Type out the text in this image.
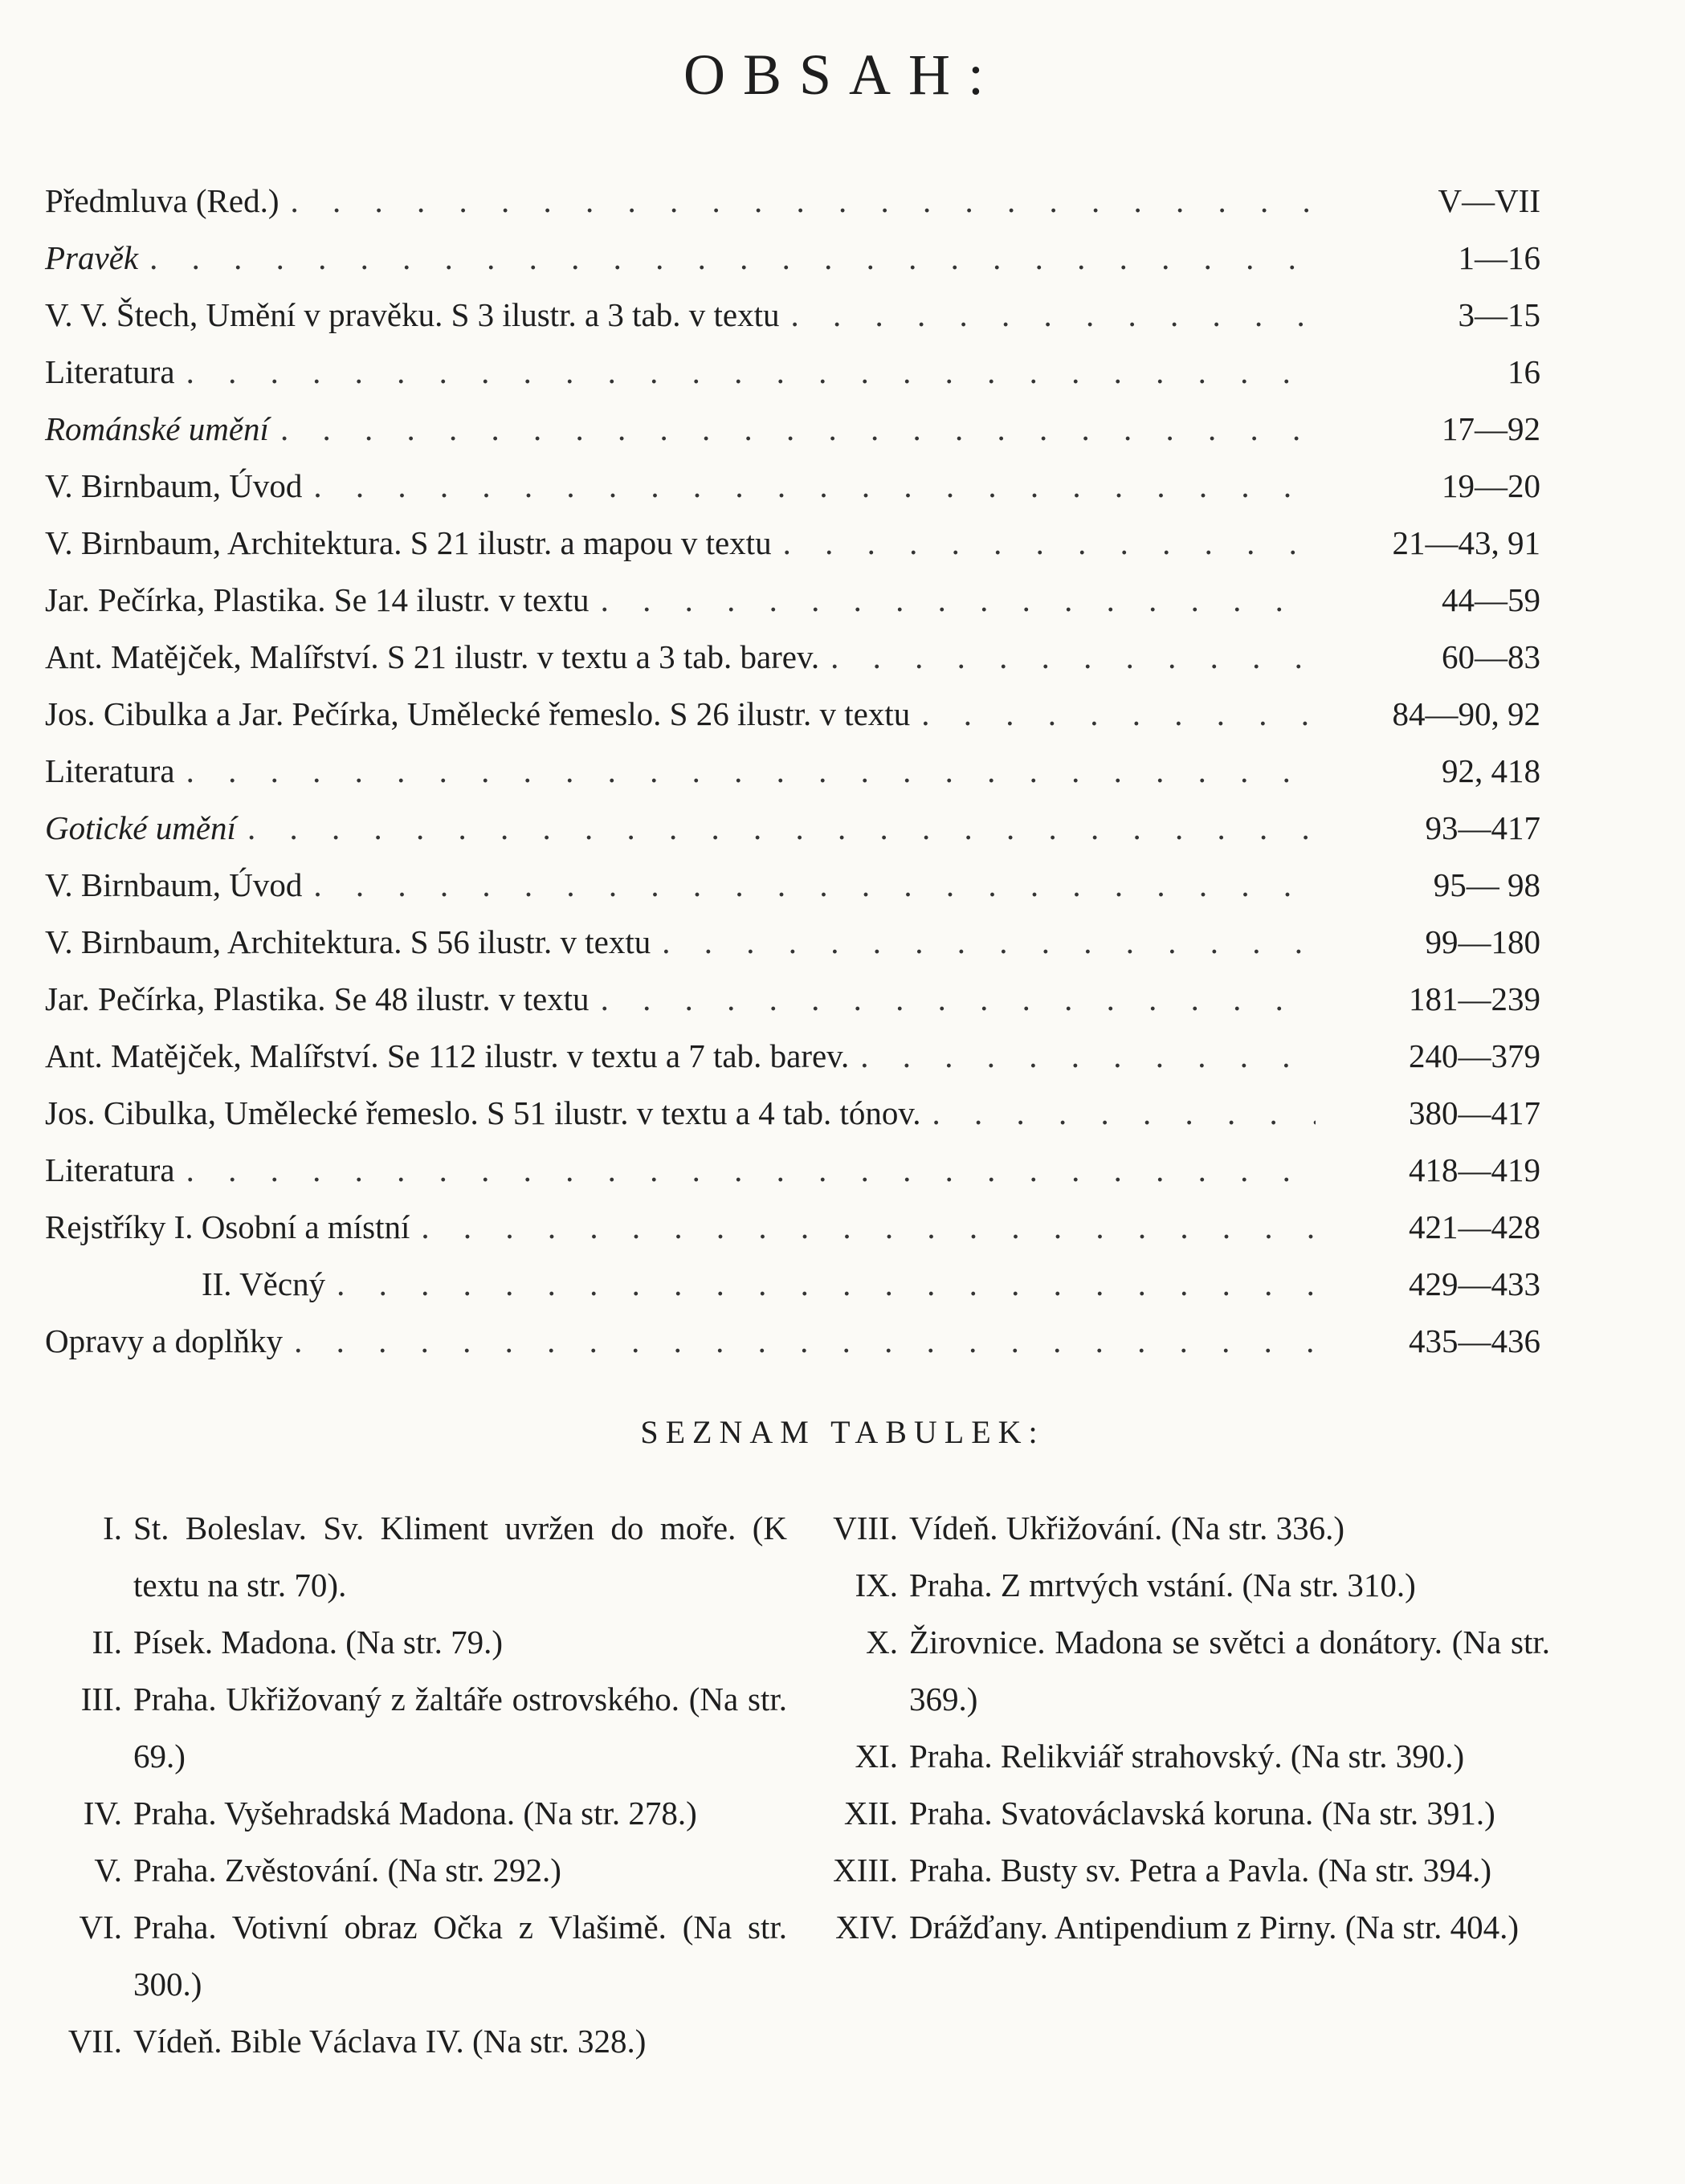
OBSAH:
Předmluva (Red.) . . .	V—VII
Pravěk . . .	1—16
V. V. Štech, Umění v pravěku. S 3 ilustr. a 3 tab. v textu . . .	3—15
Literatura . . .	16
Románské umění . . .	17—92
V. Birnbaum, Úvod . . .	19—20
V. Birnbaum, Architektura. S 21 ilustr. a mapou v textu . . .	21—43, 91
Jar. Pečírka, Plastika. Se 14 ilustr. v textu . . .	44—59
Ant. Matějček, Malířství. S 21 ilustr. v textu a 3 tab. barev. . . .	60—83
Jos. Cibulka a Jar. Pečírka, Umělecké řemeslo. S 26 ilustr. v textu . . .	84—90, 92
Literatura . . .	92, 418
Gotické umění . . .	93—417
V. Birnbaum, Úvod . . .	95— 98
V. Birnbaum, Architektura. S 56 ilustr. v textu . . .	99—180
Jar. Pečírka, Plastika. Se 48 ilustr. v textu . . .	181—239
Ant. Matějček, Malířství. Se 112 ilustr. v textu a 7 tab. barev. . . .	240—379
Jos. Cibulka, Umělecké řemeslo. S 51 ilustr. v textu a 4 tab. tónov. . . .	380—417
Literatura . . .	418—419
Rejstříky I. Osobní a místní . . .	421—428
II. Věcný . . .	429—433
Opravy a doplňky . . .	435—436
SEZNAM TABULEK:
I. St. Boleslav. Sv. Kliment uvržen do moře. (K textu na str. 70).
II. Písek. Madona. (Na str. 79.)
III. Praha. Ukřižovaný z žaltáře ostrovského. (Na str. 69.)
IV. Praha. Vyšehradská Madona. (Na str. 278.)
V. Praha. Zvěstování. (Na str. 292.)
VI. Praha. Votivní obraz Očka z Vlašimě. (Na str. 300.)
VII. Vídeň. Bible Václava IV. (Na str. 328.)
VIII. Vídeň. Ukřižování. (Na str. 336.)
IX. Praha. Z mrtvých vstání. (Na str. 310.)
X. Žirovnice. Madona se světci a donátory. (Na str. 369.)
XI. Praha. Relikviář strahovský. (Na str. 390.)
XII. Praha. Svatováclavská koruna. (Na str. 391.)
XIII. Praha. Busty sv. Petra a Pavla. (Na str. 394.)
XIV. Drážďany. Antipendium z Pirny. (Na str. 404.)
